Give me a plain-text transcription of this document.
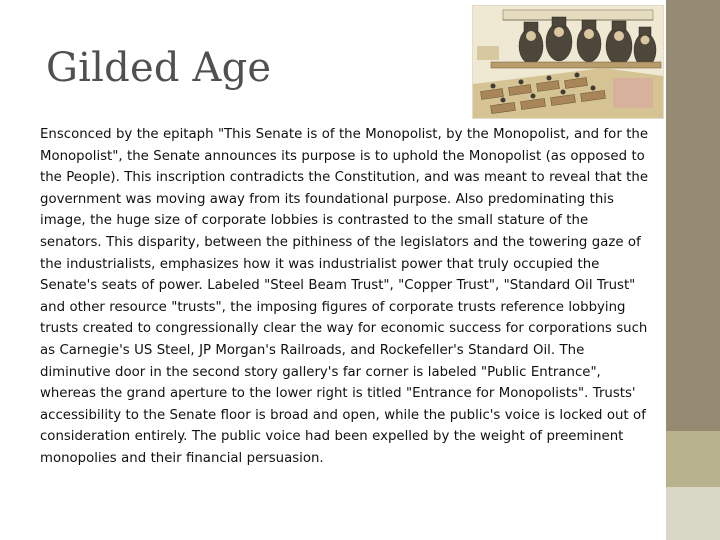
Gilded Age

Ensconced by the epitaph "This Senate is of the Monopolist, by the Monopolist, and for the Monopolist", the Senate announces its purpose is to uphold the Monopolist (as opposed to the People). This inscription contradicts the Constitution, and was meant to reveal that the government was moving away from its foundational purpose. Also predominating this image, the huge size of corporate lobbies is contrasted to the small stature of the senators. This disparity, between the pithiness of the legislators and the towering gaze of the industrialists, emphasizes how it was industrialist power that truly occupied the Senate's seats of power. Labeled "Steel Beam Trust", "Copper Trust", "Standard Oil Trust" and other resource "trusts", the imposing figures of corporate trusts reference lobbying trusts created to congressionally clear the way for economic success for corporations such as Carnegie's US Steel, JP Morgan's Railroads, and Rockefeller's Standard Oil. The diminutive door in the second story gallery's far corner is labeled "Public Entrance", whereas the grand aperture to the lower right is titled "Entrance for Monopolists". Trusts' accessibility to the Senate floor is broad and open, while the public's voice is locked out of consideration entirely. The public voice had been expelled by the weight of preeminent monopolies and their financial persuasion.
